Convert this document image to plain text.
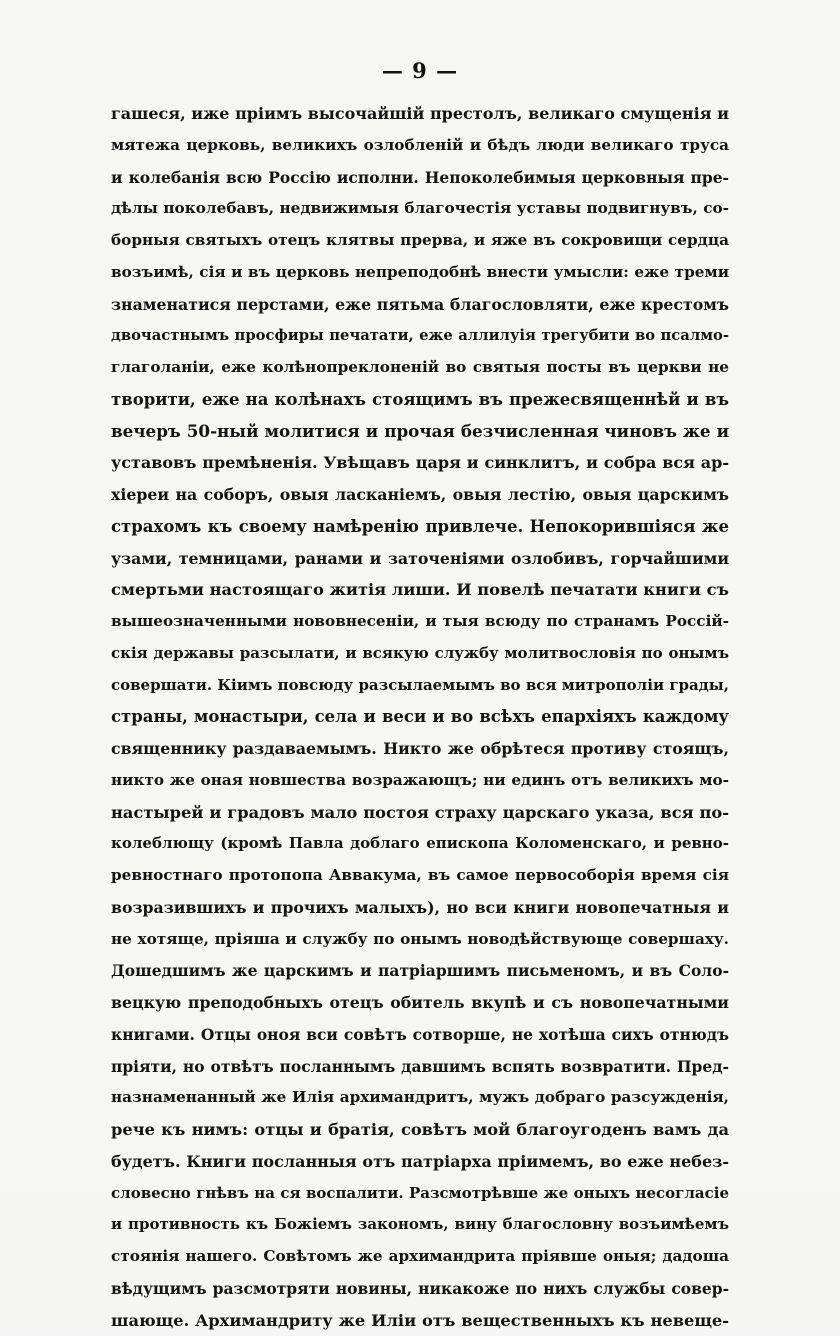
— 9 —
гашеся, иже пріимъ высочайшій престолъ, великаго смущенія и
мятежа церковь, великихъ озлобленій и бѣдъ люди великаго труса
и колебанія всю Россію исполни. Непоколебимыя церковныя пре-
дѣлы поколебавъ, недвижимыя благочестія уставы подвигнувъ, со-
борныя святыхъ отецъ клятвы прерва, и яже въ сокровищи сердца
возъимѣ, сія и въ церковь непреподобнѣ внести умысли: еже треми
знаменатися перстами, еже пятьма благословляти, еже крестомъ
двочастнымъ просфиры печатати, еже аллилуія трегубити во псалмо-
глаголаніи, еже колѣнопреклоненій во святыя посты въ церкви не
творити, еже на колѣнахъ стоящимъ въ прежесвященнѣй и въ
вечеръ 50-ный молитися и прочая безчисленная чиновъ же и
уставовъ премѣненія. Увѣщавъ царя и синклитъ, и собра вся ар-
хіереи на соборъ, овыя ласканіемъ, овыя лестію, овыя царскимъ
страхомъ къ своему намѣренію привлече. Непокорившіяся же
узами, темницами, ранами и заточеніями озлобивъ, горчайшими
смертьми настоящаго житія лиши. И повелѣ печатати книги съ
вышеозначенными нововнесеніи, и тыя всюду по странамъ Россій-
скія державы разсылати, и всякую службу молитвословія по онымъ
совершати. Кіимъ повсюду разсылаемымъ во вся митрополіи грады,
страны, монастыри, села и веси и во всѣхъ епархіяхъ каждому
священнику раздаваемымъ. Никто же обрѣтеся противу стоящъ,
никто же оная новшества возражающъ; ни единъ отъ великихъ мо-
настырей и градовъ мало постоя страху царскаго указа, вся по-
колеблющу (кромѣ Павла доблаго епископа Коломенскаго, и ревно-
ревностнаго протопопа Аввакума, въ самое первособорія время сія
возразившихъ и прочихъ малыхъ), но вси книги новопечатныя и
не хотяще, пріяша и службу по онымъ новодѣйствующе совершаху.
Дошедшимъ же царскимъ и патріаршимъ письменомъ, и въ Соло-
вецкую преподобныхъ отецъ обитель вкупѣ и съ новопечатными
книгами. Отцы оноя вси совѣтъ сотворше, не хотѣша сихъ отнюдъ
пріяти, но отвѣтъ посланнымъ давшимъ вспять возвратити. Пред-
назнаменанный же Илія архимандритъ, мужъ добраго разсужденія,
рече къ нимъ: отцы и братія, совѣтъ мой благоугоденъ вамъ да
будетъ. Книги посланныя отъ патріарха пріимемъ, во еже небез-
словесно гнѣвъ на ся воспалити. Разсмотрѣвше же оныхъ несогласіе
и противность къ Божіемъ закономъ, вину благословну возъимѣемъ
стоянія нашего. Совѣтомъ же архимандрита пріявше оныя; дадоша
вѣдущимъ разсмотряти новины, никакоже по нихъ службы совер-
шающе. Архимандриту же Иліи отъ вещественныхъ къ невеще-
